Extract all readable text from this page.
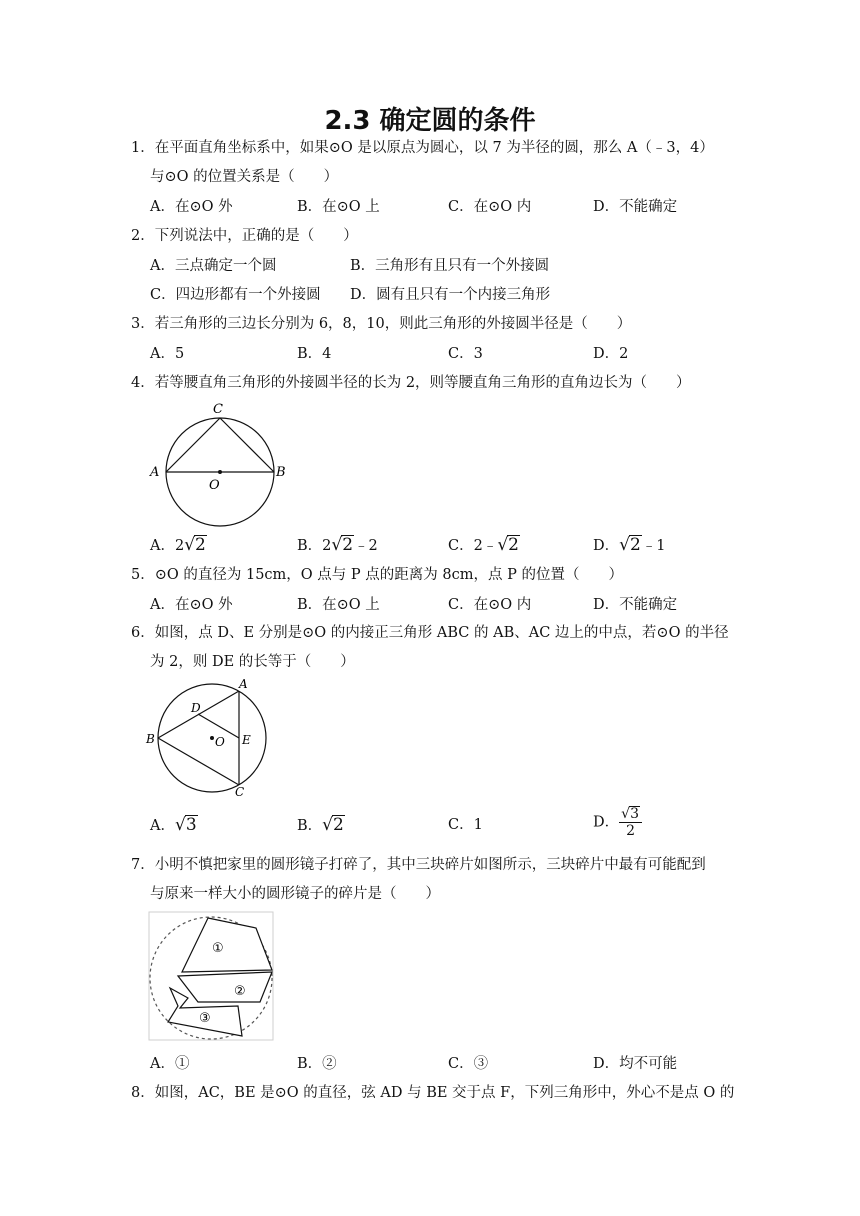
2.3 确定圆的条件
1．在平面直角坐标系中，如果⊙O 是以原点为圆心，以 7 为半径的圆，那么 A（﹣3，4）
与⊙O 的位置关系是（　　）
A．在⊙O 外	B．在⊙O 上	C．在⊙O 内	D．不能确定
2．下列说法中，正确的是（　　）
A．三点确定一个圆	B．三角形有且只有一个外接圆
C．四边形都有一个外接圆 D．圆有且只有一个内接三角形
3．若三角形的三边长分别为 6，8，10，则此三角形的外接圆半径是（　　）
A．5	B．4	C．3	D．2
4．若等腰直角三角形的外接圆半径的长为 2，则等腰直角三角形的直角边长为（　　）
C
A	B
O
A．2 √ 2	B．2 √ 2 ﹣2	C．2﹣ √ 2	D． √ 2 ﹣1
5．⊙O 的直径为 15cm，O 点与 P 点的距离为 8cm，点 P 的位置（　　）
A．在⊙O 外	B．在⊙O 上	C．在⊙O 内	D．不能确定
6．如图，点 D、E 分别是⊙O 的内接正三角形 ABC 的 AB、AC 边上的中点，若⊙O 的半径
为 2，则 DE 的长等于（　　）
A
B
C
D
E
O
A． √ 3	B． √ 2	C．1	D． $\frac{√ 3}{2}$
7．小明不慎把家里的圆形镜子打碎了，其中三块碎片如图所示，三块碎片中最有可能配到
与原来一样大小的圆形镜子的碎片是（　　）
①
②
③
A．①	B．②	C．③	D．均不可能
8．如图，AC，BE 是⊙O 的直径，弦 AD 与 BE 交于点 F，下列三角形中，外心不是点 O 的
